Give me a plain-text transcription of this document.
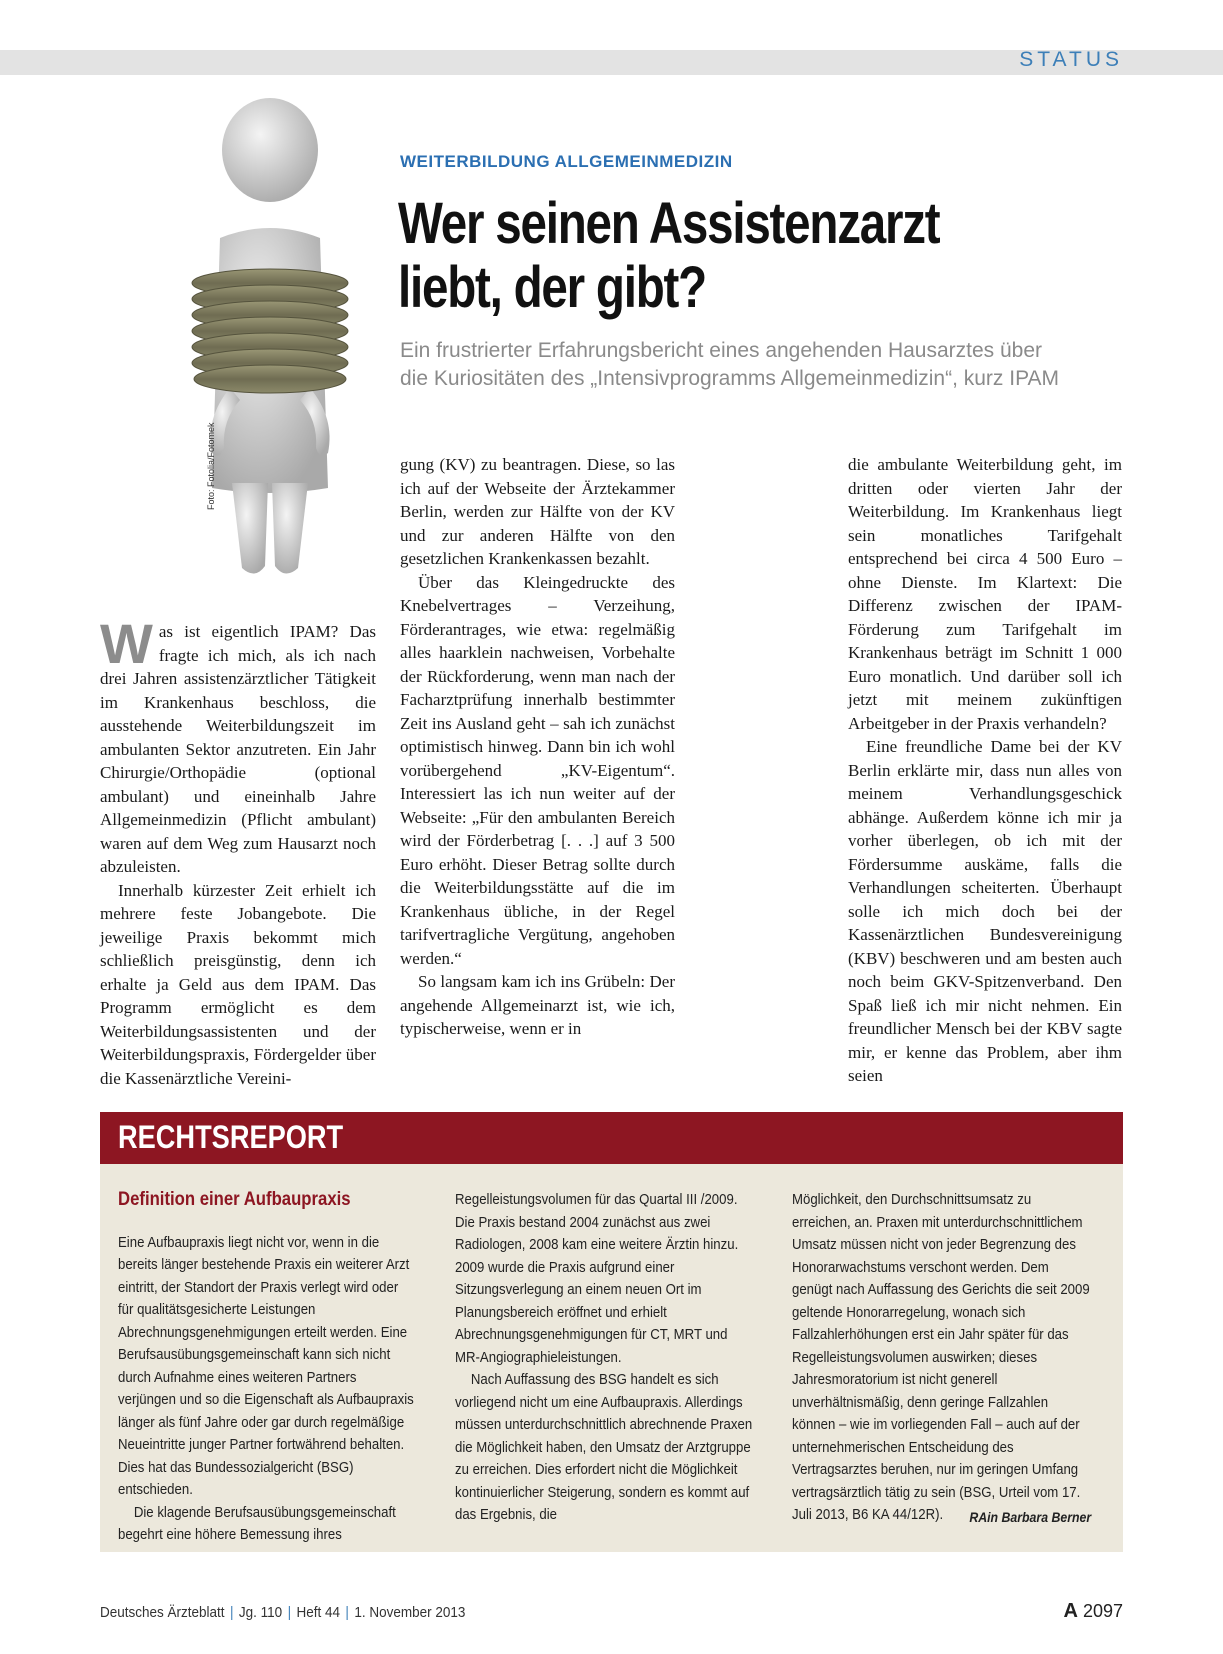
STATUS
Foto: Fotolia/Fotomek
WEITERBILDUNG ALLGEMEINMEDIZIN
Wer seinen Assistenzarzt
liebt, der gibt?
Ein frustrierter Erfahrungsbericht eines angehenden Hausarztes über
die Kuriositäten des „Intensivprogramms Allgemeinmedizin“, kurz IPAM

Was ist eigentlich IPAM? Das fragte ich mich, als ich nach drei Jahren assistenzärztlicher Tätigkeit im Krankenhaus beschloss, die ausstehende Weiterbildungszeit im ambulanten Sektor anzutreten. Ein Jahr Chirurgie/Orthopädie (optional ambulant) und eineinhalb Jahre Allgemeinmedizin (Pflicht ambulant) waren auf dem Weg zum Hausarzt noch abzuleisten.

Innerhalb kürzester Zeit erhielt ich mehrere feste Jobangebote. Die jeweilige Praxis bekommt mich schließlich preisgünstig, denn ich erhalte ja Geld aus dem IPAM. Das Programm ermöglicht es dem Weiterbildungsassistenten und der Weiterbildungspraxis, Fördergelder über die Kassenärztliche Vereini-

gung (KV) zu beantragen. Diese, so las ich auf der Webseite der Ärztekammer Berlin, werden zur Hälfte von der KV und zur anderen Hälfte von den gesetzlichen Krankenkassen bezahlt.

Über das Kleingedruckte des Knebelvertrages – Verzeihung, Förderantrages, wie etwa: regelmäßig alles haarklein nachweisen, Vorbehalte der Rückforderung, wenn man nach der Facharztprüfung innerhalb bestimmter Zeit ins Ausland geht – sah ich zunächst optimistisch hinweg. Dann bin ich wohl vorübergehend „KV-Eigentum“. Interessiert las ich nun weiter auf der Webseite: „Für den ambulanten Bereich wird der Förderbetrag [. . .] auf 3 500 Euro erhöht. Dieser Betrag sollte durch die Weiterbildungsstätte auf die im Krankenhaus übliche, in der Regel tarifvertragliche Vergütung, angehoben werden.“

So langsam kam ich ins Grübeln: Der angehende Allgemeinarzt ist, wie ich, typischerweise, wenn er in

die ambulante Weiterbildung geht, im dritten oder vierten Jahr der Weiterbildung. Im Krankenhaus liegt sein monatliches Tarifgehalt entsprechend bei circa 4 500 Euro – ohne Dienste. Im Klartext: Die Differenz zwischen der IPAM-Förderung zum Tarifgehalt im Krankenhaus beträgt im Schnitt 1 000 Euro monatlich. Und darüber soll ich jetzt mit meinem zukünftigen Arbeitgeber in der Praxis verhandeln?

Eine freundliche Dame bei der KV Berlin erklärte mir, dass nun alles von meinem Verhandlungsgeschick abhänge. Außerdem könne ich mir ja vorher überlegen, ob ich mit der Fördersumme auskäme, falls die Verhandlungen scheiterten. Überhaupt solle ich mich doch bei der Kassenärztlichen Bundesvereinigung (KBV) beschweren und am besten auch noch beim GKV-Spitzenverband. Den Spaß ließ ich mir nicht nehmen. Ein freundlicher Mensch bei der KBV sagte mir, er kenne das Problem, aber ihm seien

RECHTSREPORT

Definition einer Aufbaupraxis

Eine Aufbaupraxis liegt nicht vor, wenn in die bereits länger bestehende Praxis ein weiterer Arzt eintritt, der Standort der Praxis verlegt wird oder für qualitätsgesicherte Leistungen Abrechnungsgenehmigungen erteilt werden. Eine Berufsausübungsgemeinschaft kann sich nicht durch Aufnahme eines weiteren Partners verjüngen und so die Eigenschaft als Aufbaupraxis länger als fünf Jahre oder gar durch regelmäßige Neueintritte junger Partner fortwährend behalten. Dies hat das Bundessozialgericht (BSG) entschieden.

Die klagende Berufsausübungsgemeinschaft begehrt eine höhere Bemessung ihres

Regelleistungsvolumen für das Quartal III /2009. Die Praxis bestand 2004 zunächst aus zwei Radiologen, 2008 kam eine weitere Ärztin hinzu. 2009 wurde die Praxis aufgrund einer Sitzungsverlegung an einem neuen Ort im Planungsbereich eröffnet und erhielt Abrechnungsgenehmigungen für CT, MRT und MR-Angiographieleistungen.

Nach Auffassung des BSG handelt es sich vorliegend nicht um eine Aufbaupraxis. Allerdings müssen unterdurchschnittlich abrechnende Praxen die Möglichkeit haben, den Umsatz der Arztgruppe zu erreichen. Dies erfordert nicht die Möglichkeit kontinuierlicher Steigerung, sondern es kommt auf das Ergebnis, die

Möglichkeit, den Durchschnittsumsatz zu erreichen, an. Praxen mit unterdurchschnittlichem Umsatz müssen nicht von jeder Begrenzung des Honorarwachstums verschont werden. Dem genügt nach Auffassung des Gerichts die seit 2009 geltende Honorarregelung, wonach sich Fallzahlerhöhungen erst ein Jahr später für das Regelleistungsvolumen auswirken; dieses Jahresmoratorium ist nicht generell unverhältnismäßig, denn geringe Fallzahlen können – wie im vorliegenden Fall – auch auf der unternehmerischen Entscheidung des Vertragsarztes beruhen, nur im geringen Umfang vertragsärztlich tätig zu sein (BSG, Urteil vom 17. Juli 2013, B6 KA 44/12R). RAin Barbara Berner

Deutsches Ärzteblatt | Jg. 110 | Heft 44 | 1. November 2013	A 2097
